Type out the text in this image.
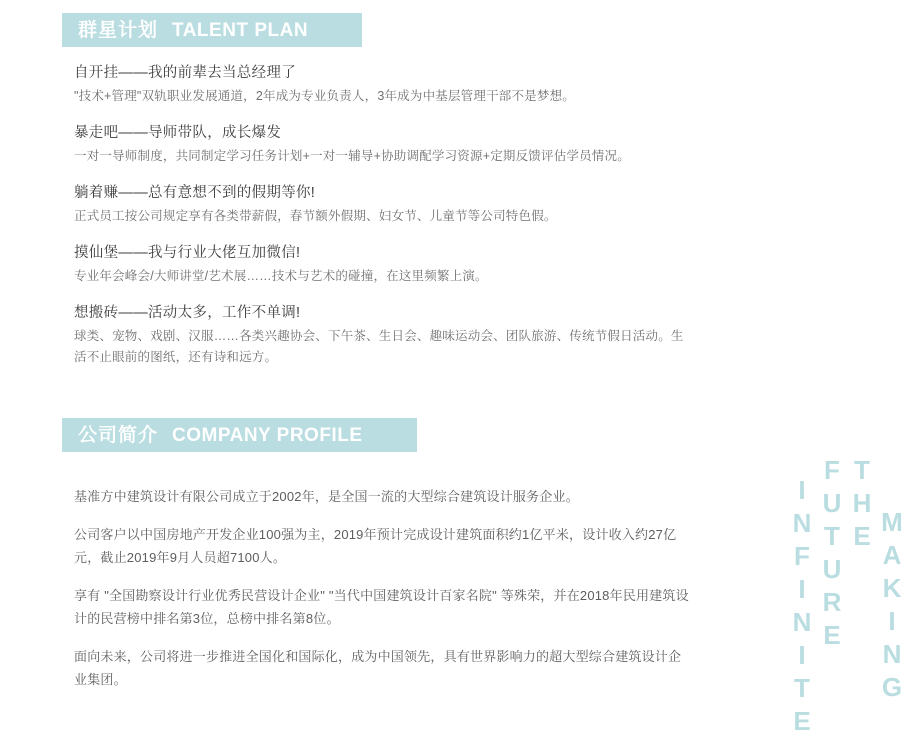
群星计划 TALENT PLAN
自开挂——我的前辈去当总经理了
"技术+管理"双轨职业发展通道，2年成为专业负责人，3年成为中基层管理干部不是梦想。
暴走吧——导师带队，成长爆发
一对一导师制度，共同制定学习任务计划+一对一辅导+协助调配学习资源+定期反馈评估学员情况。
躺着赚——总有意想不到的假期等你!
正式员工按公司规定享有各类带薪假，春节额外假期、妇女节、儿童节等公司特色假。
摸仙堡——我与行业大佬互加微信!
专业年会峰会/大师讲堂/艺术展……技术与艺术的碰撞，在这里频繁上演。
想搬砖——活动太多，工作不单调!
球类、宠物、戏剧、汉服……各类兴趣协会、下午茶、生日会、趣味运动会、团队旅游、传统节假日活动。生活不止眼前的图纸，还有诗和远方。
公司简介 COMPANY PROFILE

基准方中建筑设计有限公司成立于2002年，是全国一流的大型综合建筑设计服务企业。

公司客户以中国房地产开发企业100强为主，2019年预计完成设计建筑面积约1亿平米，设计收入约27亿元，截止2019年9月人员超7100人。

享有 "全国勘察设计行业优秀民营设计企业" "当代中国建筑设计百家名院" 等殊荣，并在2018年民用建筑设计的民营榜中排名第3位，总榜中排名第8位。

面向未来，公司将进一步推进全国化和国际化，成为中国领先，具有世界影响力的超大型综合建筑设计企业集团。	MAKING
THE
FUTURE
INFINITE
